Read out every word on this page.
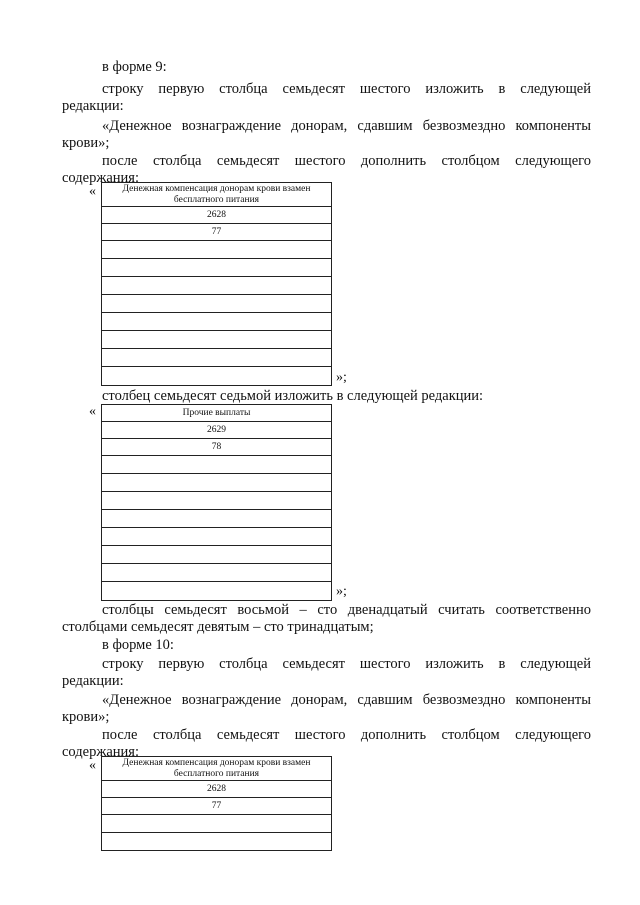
в форме 9:
строку первую столбца семьдесят шестого изложить в следующей
редакции:
«Денежное вознаграждение донорам, сдавшим безвозмездно компоненты
крови»;
после столбца семьдесят шестого дополнить столбцом следующего
содержания:
«	Денежная компенсация донорам крови взамен бесплатного питания
2628
77

»;
столбец семьдесят седьмой изложить в следующей редакции:
«	Прочие выплаты
2629
78

»;
столбцы семьдесят восьмой – сто двенадцатый считать соответственно
столбцами семьдесят девятым – сто тринадцатым;
в форме 10:
строку первую столбца семьдесят шестого изложить в следующей
редакции:
«Денежное вознаграждение донорам, сдавшим безвозмездно компоненты
крови»;
после столбца семьдесят шестого дополнить столбцом следующего
содержания:
«	Денежная компенсация донорам крови взамен бесплатного питания
2628
77
